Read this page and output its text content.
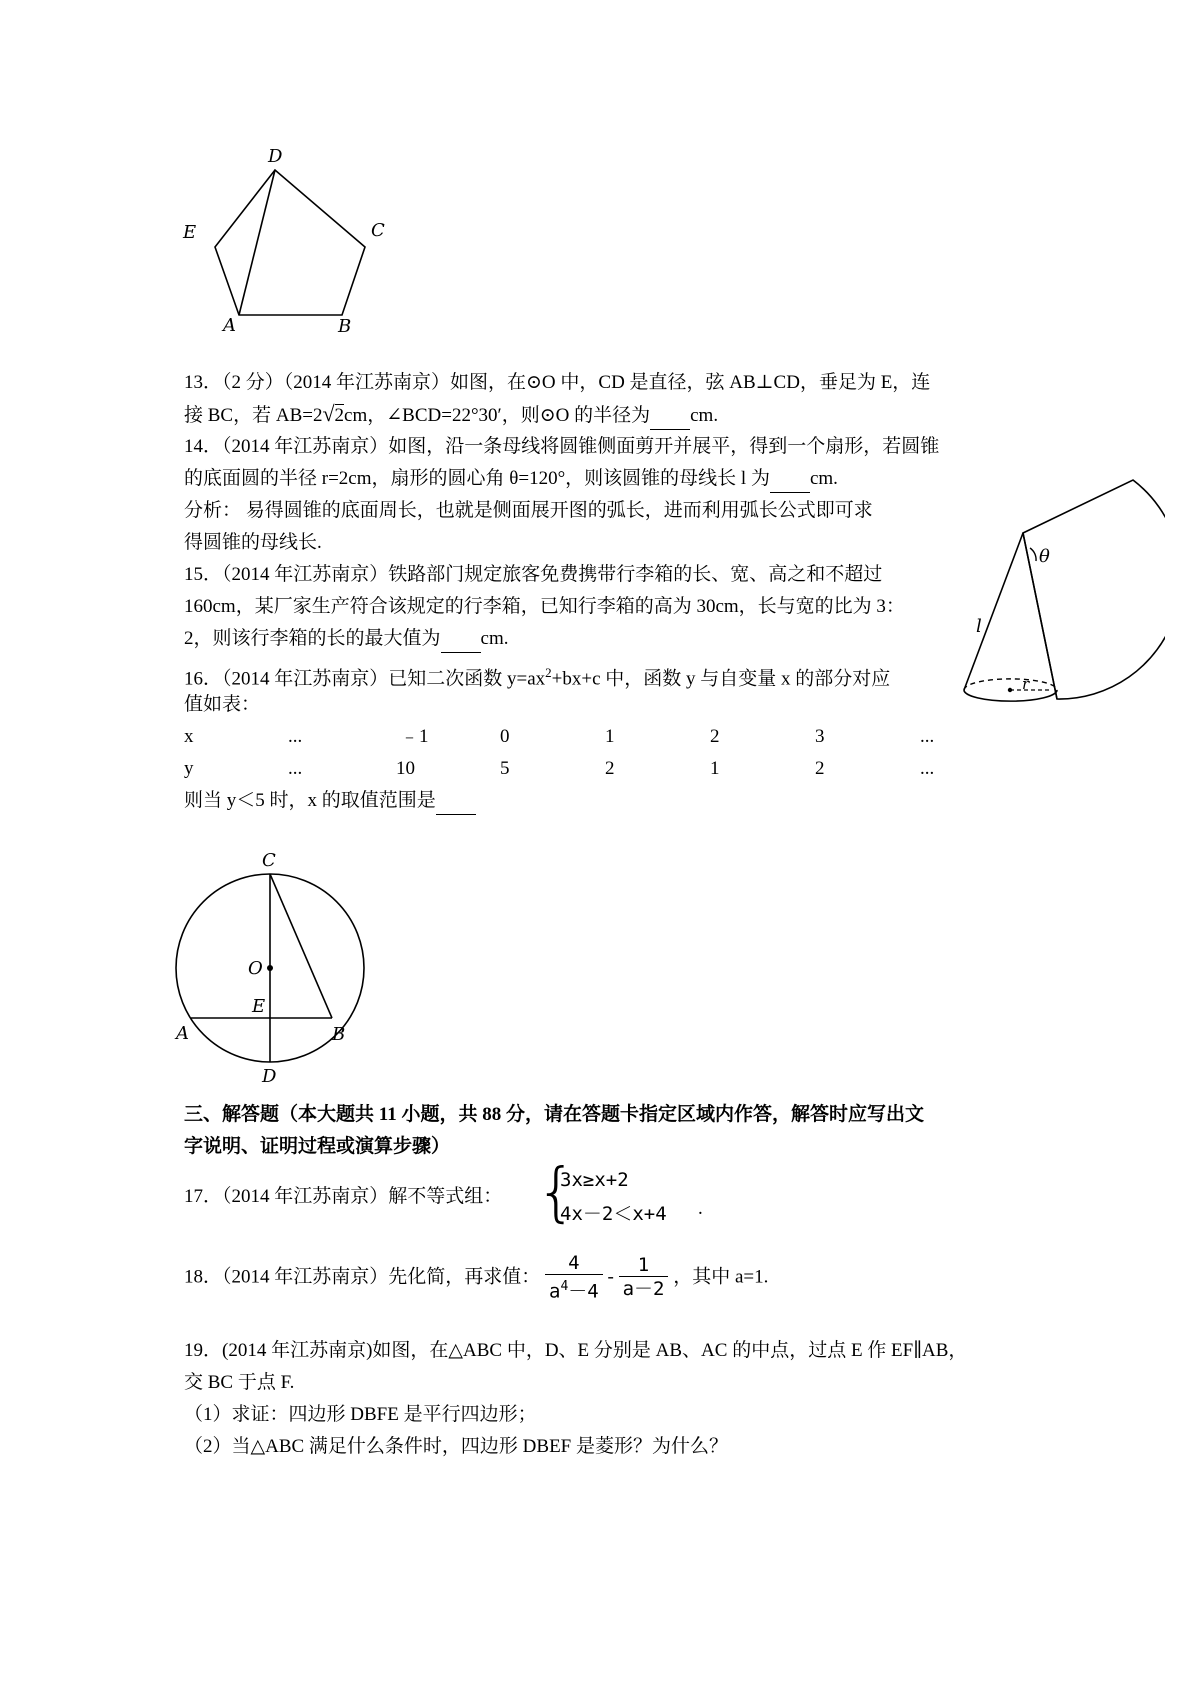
D
E	C
A	B
13．（2 分）（2014 年江苏南京）如图，在⊙O 中，CD 是直径，弦 AB⊥CD，垂足为 E，连
接 BC，若 AB=2√2cm，∠BCD=22°30′，则⊙O 的半径为 cm.
14．（2014 年江苏南京）如图，沿一条母线将圆锥侧面剪开并展平，得到一个扇形，若圆锥
的底面圆的半径 r=2cm，扇形的圆心角 θ=120°，则该圆锥的母线长 l 为 cm.
分析： 易得圆锥的底面周长，也就是侧面展开图的弧长，进而利用弧长公式即可求
得圆锥的母线长.
15．（2014 年江苏南京）铁路部门规定旅客免费携带行李箱的长、宽、高之和不超过
160cm，某厂家生产符合该规定的行李箱，已知行李箱的高为 30cm，长与宽的比为 3：
2，则该行李箱的长的最大值为 cm.
16．（2014 年江苏南京）已知二次函数 $y=ax^2+bx+c$ 中，函数 y 与自变量 x 的部分对应
值如表：
x	...	﹣1	0	1	2	3	...
y	...	10	5	2	1	2	...
则当 y＜5 时，x 的取值范围是
θ
l
r
C
O
E
A	B
D
三、解答题（本大题共 11 小题，共 88 分，请在答题卡指定区域内作答，解答时应写出文
字说明、证明过程或演算步骤）
17．（2014 年江苏南京）解不等式组： {
3x≥x+2
4x－2＜x+4 .
18．（2014 年江苏南京）先化简，再求值： $\frac{4}{a^4-4} - \frac{1}{a-2}$ ，其中 a=1.
19．(2014 年江苏南京)如图，在△ABC 中，D、E 分别是 AB、AC 的中点，过点 E 作 EF∥AB，
交 BC 于点 F.
（1）求证：四边形 DBFE 是平行四边形；
（2）当△ABC 满足什么条件时，四边形 DBEF 是菱形？为什么？
